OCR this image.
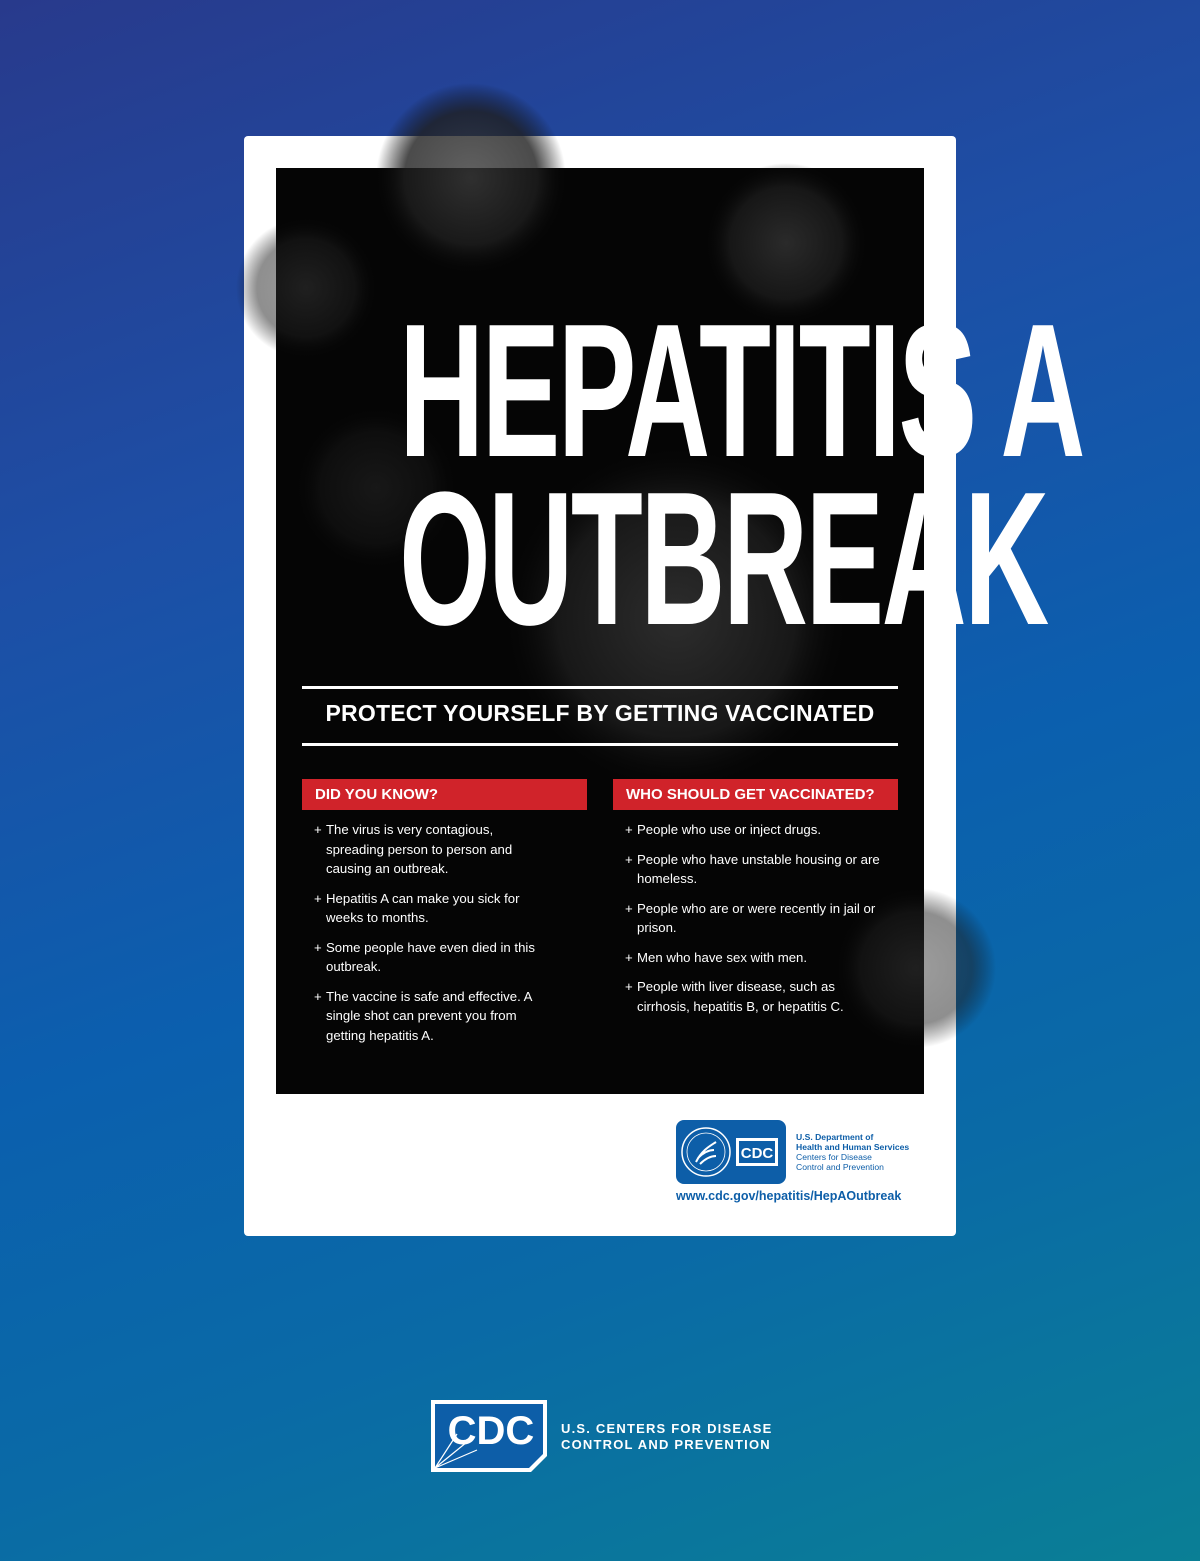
HEPATITIS A
OUTBREAK
PROTECT YOURSELF BY GETTING VACCINATED
DID YOU KNOW?	WHO SHOULD GET VACCINATED?
+ The virus is very contagious, spreading person to person and causing an outbreak.
+ Hepatitis A can make you sick for weeks to months.
+ Some people have even died in this outbreak.
+ The vaccine is safe and effective. A single shot can prevent you from getting hepatitis A.
+ People who use or inject drugs.
+ People who have unstable housing or are homeless.
+ People who are or were recently in jail or prison.
+ Men who have sex with men.
+ People with liver disease, such as cirrhosis, hepatitis B, or hepatitis C.
CDC
U.S. Department of
Health and Human Services
Centers for Disease
Control and Prevention
www.cdc.gov/hepatitis/HepAOutbreak
CDC U.S. CENTERS FOR DISEASE
CONTROL AND PREVENTION
